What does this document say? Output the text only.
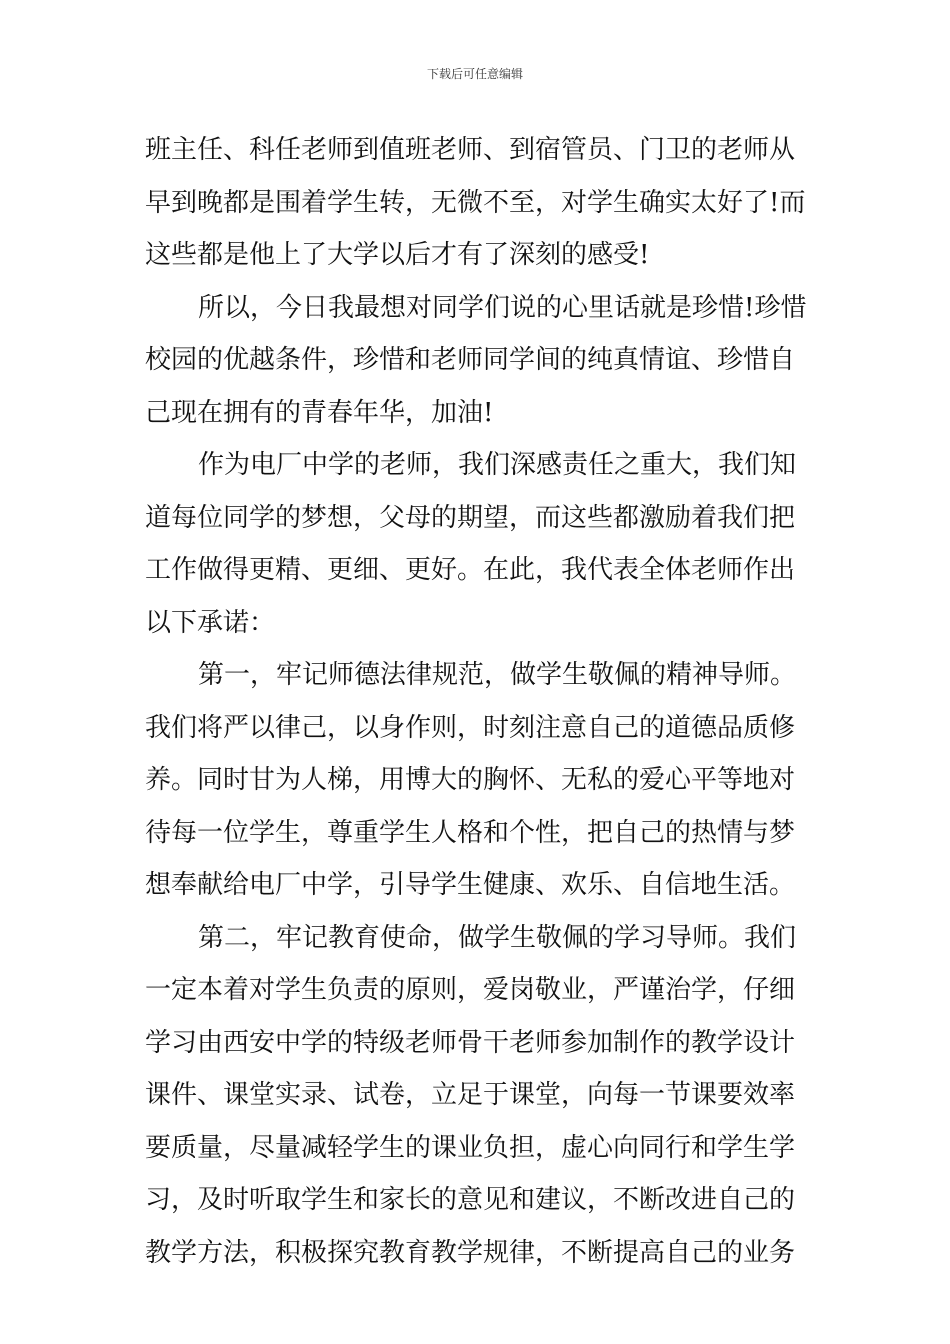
下载后可任意编辑
班主任、科任老师到值班老师、到宿管员、门卫的老师从
早到晚都是围着学生转，无微不至，对学生确实太好了!而
这些都是他上了大学以后才有了深刻的感受!
所以，今日我最想对同学们说的心里话就是珍惜!珍惜
校园的优越条件，珍惜和老师同学间的纯真情谊、珍惜自
己现在拥有的青春年华，加油!
作为电厂中学的老师，我们深感责任之重大，我们知
道每位同学的梦想，父母的期望，而这些都激励着我们把
工作做得更精、更细、更好。在此，我代表全体老师作出
以下承诺：
第一，牢记师德法律规范，做学生敬佩的精神导师。
我们将严以律己，以身作则，时刻注意自己的道德品质修
养。同时甘为人梯，用博大的胸怀、无私的爱心平等地对
待每一位学生，尊重学生人格和个性，把自己的热情与梦
想奉献给电厂中学，引导学生健康、欢乐、自信地生活。
第二，牢记教育使命，做学生敬佩的学习导师。我们
一定本着对学生负责的原则，爱岗敬业，严谨治学，仔细
学习由西安中学的特级老师骨干老师参加制作的教学设计
课件、课堂实录、试卷，立足于课堂，向每一节课要效率
要质量，尽量减轻学生的课业负担，虚心向同行和学生学
习，及时听取学生和家长的意见和建议，不断改进自己的
教学方法，积极探究教育教学规律，不断提高自己的业务
